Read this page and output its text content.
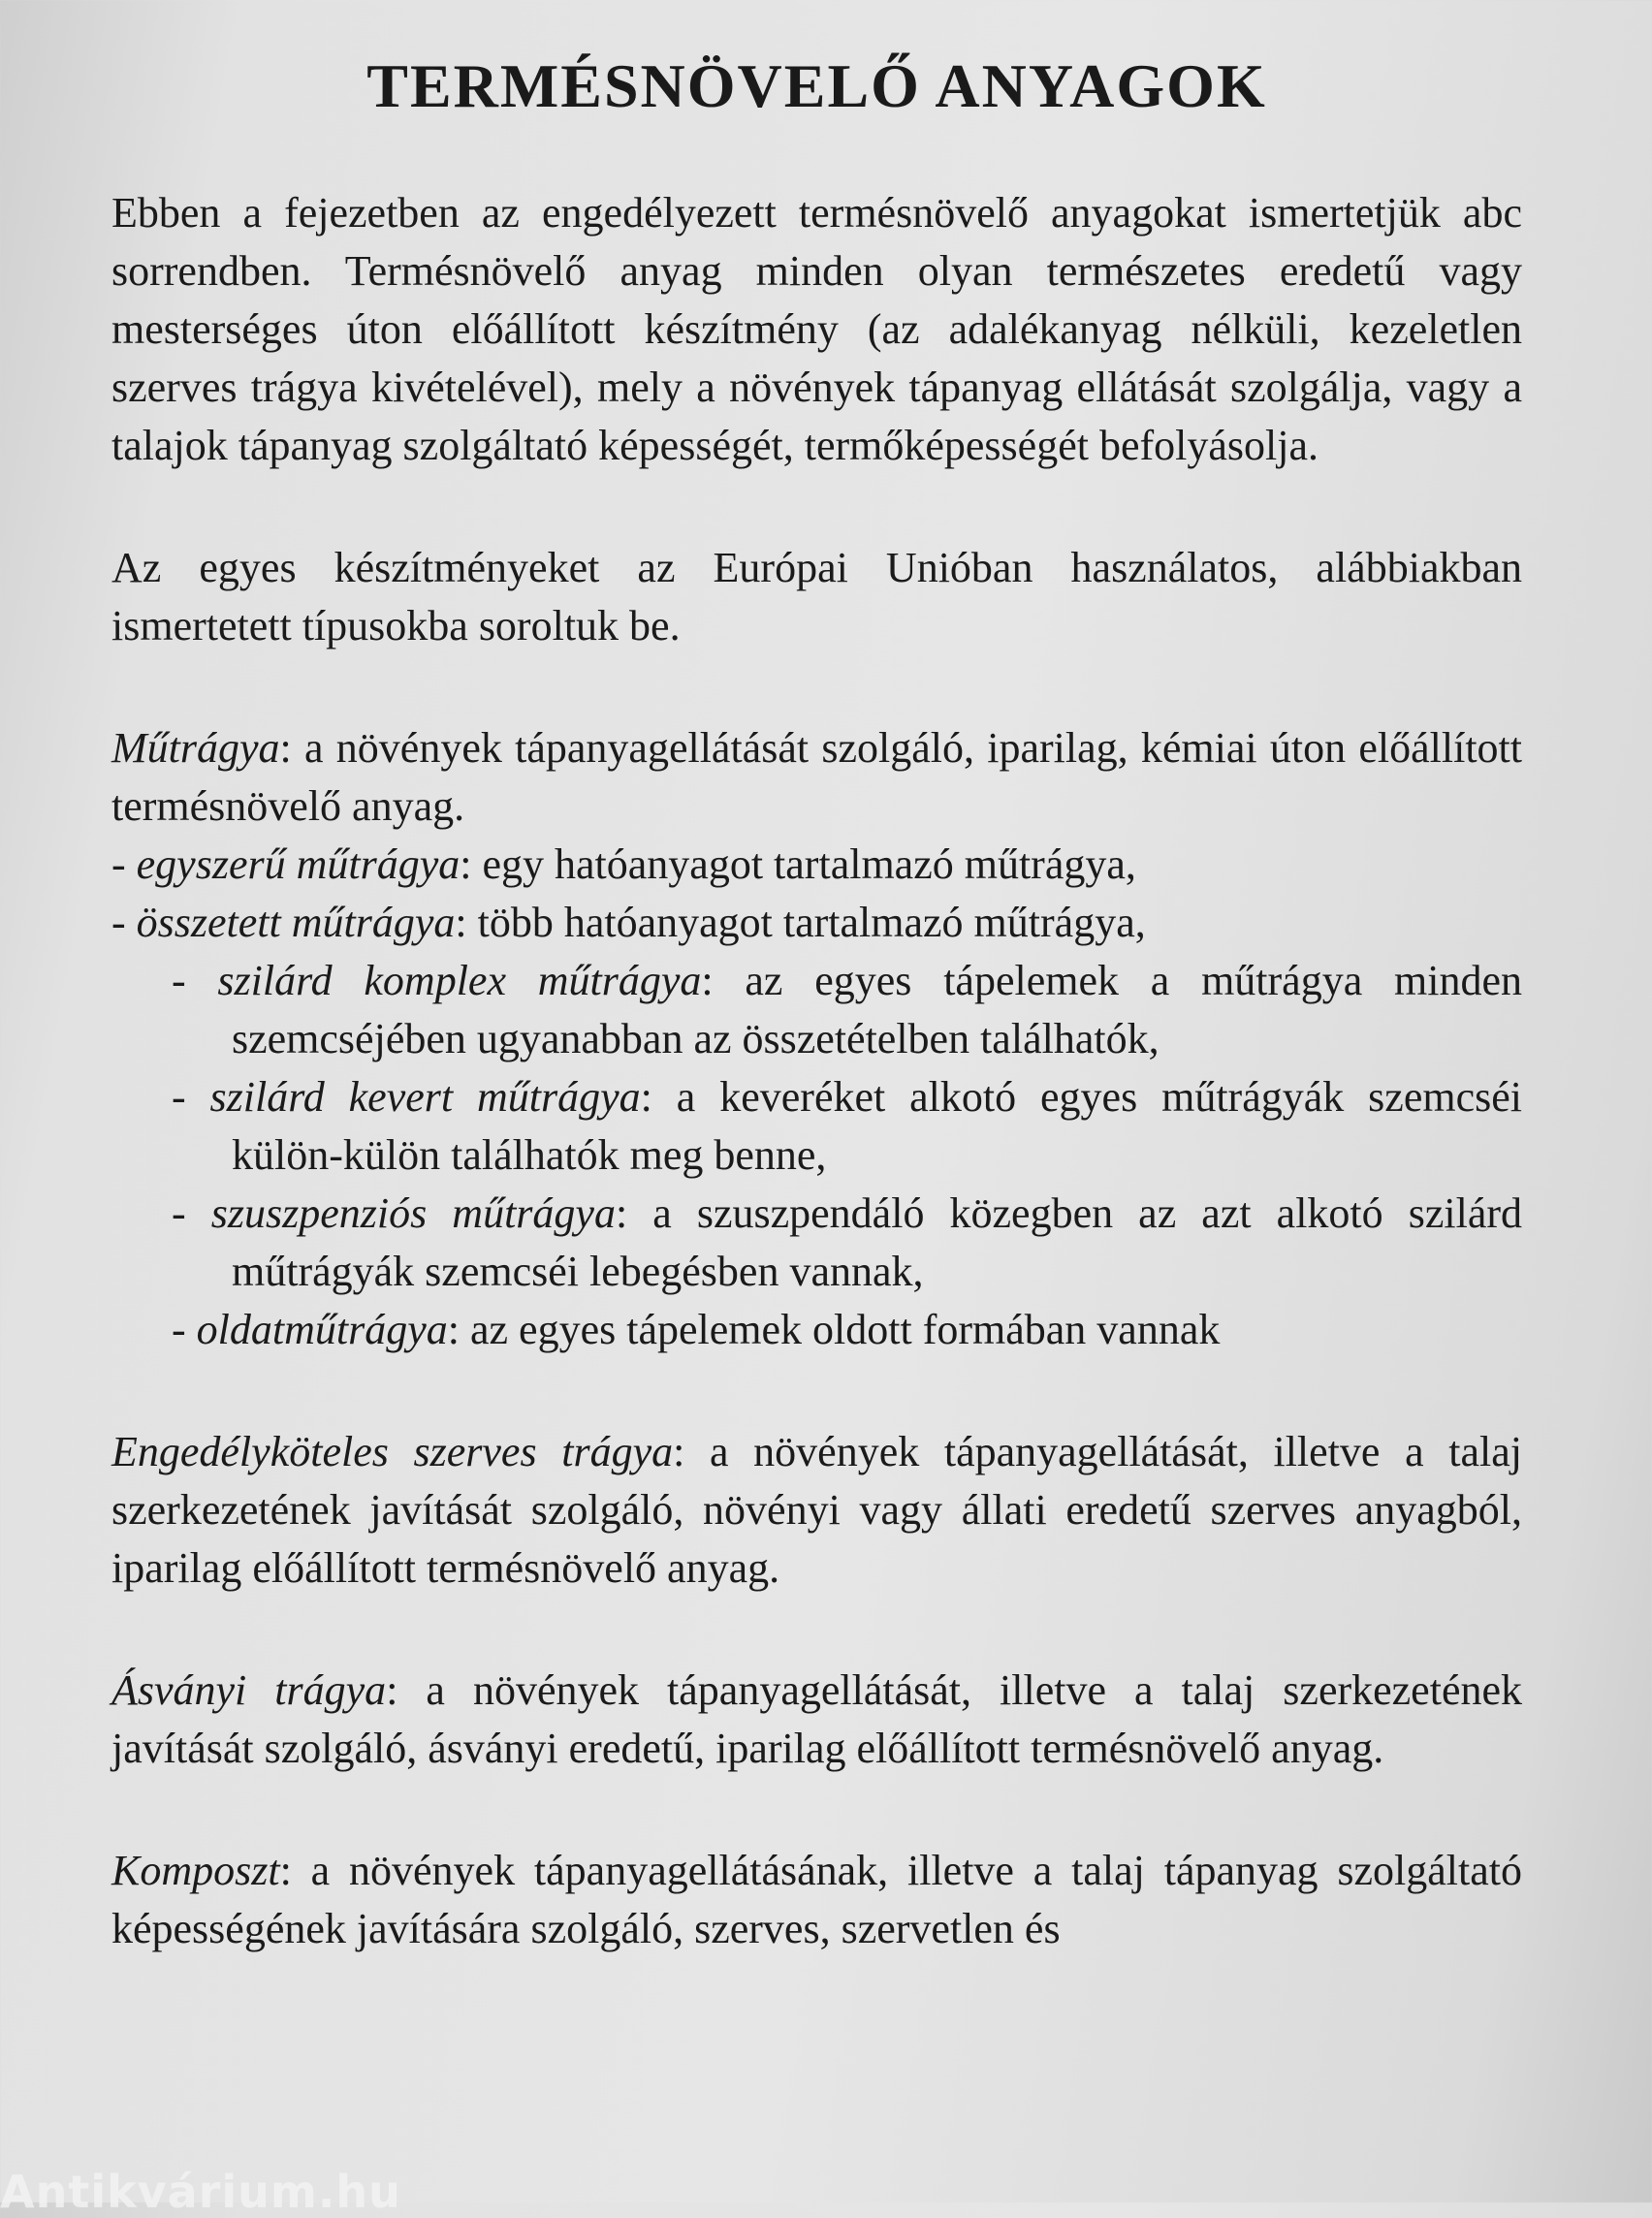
TERMÉSNÖVELŐ ANYAGOK

Ebben a fejezetben az engedélyezett termésnövelő anyagokat ismertetjük abc sorrendben. Termésnövelő anyag minden olyan természetes eredetű vagy mesterséges úton előállított készítmény (az adalékanyag nélküli, kezeletlen szerves trágya kivételével), mely a növények tápanyag ellátását szolgálja, vagy a talajok tápanyag szolgáltató képességét, termőképességét befolyásolja.

Az egyes készítményeket az Európai Unióban használatos, alábbiakban ismertetett típusokba soroltuk be.

Műtrágya: a növények tápanyagellátását szolgáló, iparilag, kémiai úton előállított termésnövelő anyag.

- egyszerű műtrágya: egy hatóanyagot tartalmazó műtrágya,

- összetett műtrágya: több hatóanyagot tartalmazó műtrágya,

- szilárd komplex műtrágya: az egyes tápelemek a műtrágya minden szemcséjében ugyanabban az összetételben találhatók,

- szilárd kevert műtrágya: a keveréket alkotó egyes műtrágyák szemcséi külön-külön találhatók meg benne,

- szuszpenziós műtrágya: a szuszpendáló közegben az azt alkotó szilárd műtrágyák szemcséi lebegésben vannak,

- oldatműtrágya: az egyes tápelemek oldott formában vannak

Engedélyköteles szerves trágya: a növények tápanyagellátását, illetve a talaj szerkezetének javítását szolgáló, növényi vagy állati eredetű szerves anyagból, iparilag előállított termésnövelő anyag.

Ásványi trágya: a növények tápanyagellátását, illetve a talaj szerkezetének javítását szolgáló, ásványi eredetű, iparilag előállított termésnövelő anyag.

Komposzt: a növények tápanyagellátásának, illetve a talaj tápanyag szolgáltató képességének javítására szolgáló, szerves, szervetlen és

Antikvárium.hu
